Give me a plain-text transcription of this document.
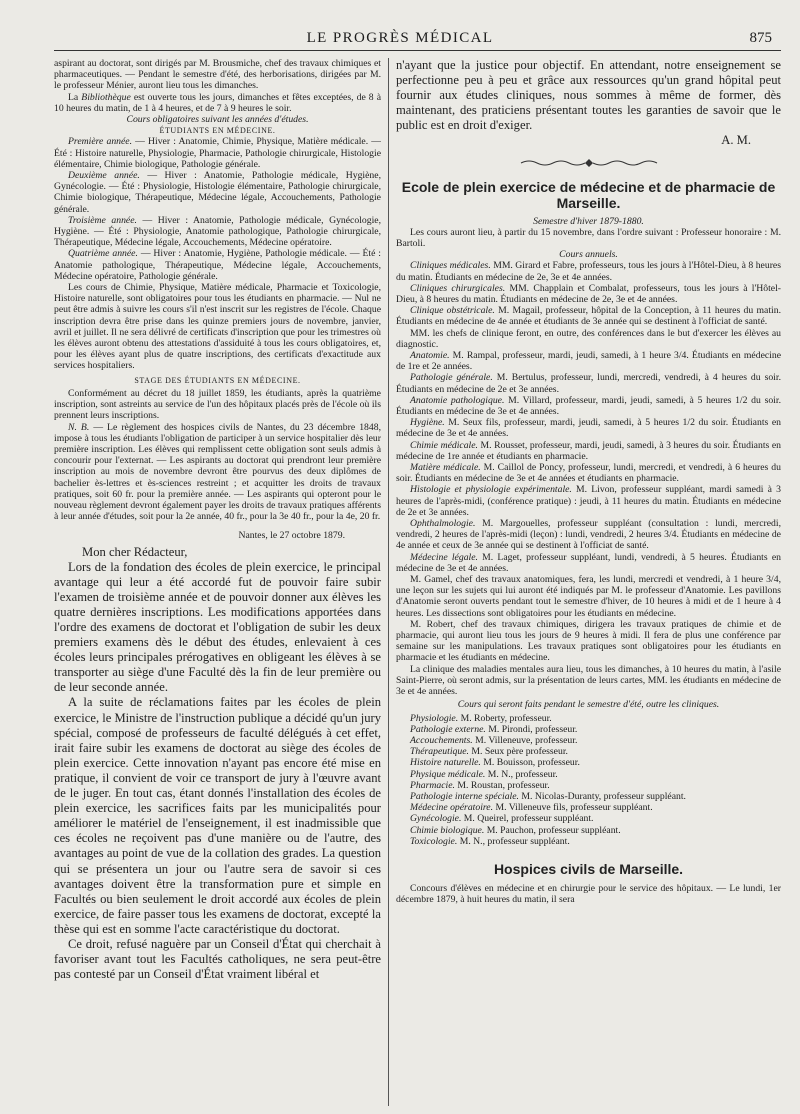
LE PROGRÈS MÉDICAL	875

aspirant au doctorat, sont dirigés par M. Brousmiche, chef des travaux chimiques et pharmaceutiques. — Pendant le semestre d'été, des herborisations, dirigées par M. le professeur Ménier, auront lieu tous les dimanches.

La Bibliothèque est ouverte tous les jours, dimanches et fêtes exceptées, de 8 à 10 heures du matin, de 1 à 4 heures, et de 7 à 9 heures le soir.

Cours obligatoires suivant les années d'études.

ÉTUDIANTS EN MÉDECINE.

Première année. — Hiver : Anatomie, Chimie, Physique, Matière médicale. — Été : Histoire naturelle, Physiologie, Pharmacie, Pathologie chirurgicale, Histologie élémentaire, Chimie biologique, Pathologie générale.

Deuxième année. — Hiver : Anatomie, Pathologie médicale, Hygiène, Gynécologie. — Été : Physiologie, Histologie élémentaire, Pathologie chirurgicale, Chimie biologique, Thérapeutique, Médecine légale, Accouchements, Pathologie générale.

Troisième année. — Hiver : Anatomie, Pathologie médicale, Gynécologie, Hygiène. — Été : Physiologie, Anatomie pathologique, Pathologie chirurgicale, Thérapeutique, Médecine légale, Accouchements, Médecine opératoire.

Quatrième année. — Hiver : Anatomie, Hygiène, Pathologie médicale. — Été : Anatomie pathologique, Thérapeutique, Médecine légale, Accouchements, Médecine opératoire, Pathologie générale.

Les cours de Chimie, Physique, Matière médicale, Pharmacie et Toxicologie, Histoire naturelle, sont obligatoires pour tous les étudiants en pharmacie. — Nul ne peut être admis à suivre les cours s'il n'est inscrit sur les registres de l'école. Chaque inscription devra être prise dans les quinze premiers jours de novembre, janvier, avril et juillet. Il ne sera délivré de certificats d'inscription que pour les trimestres où les élèves auront obtenu des attestations d'assiduité à tous les cours obligatoires, et, pour les élèves ayant plus de quatre inscriptions, des certificats d'exactitude aux services hospitaliers.

STAGE DES ÉTUDIANTS EN MÉDECINE.

Conformément au décret du 18 juillet 1859, les étudiants, après la quatrième inscription, sont astreints au service de l'un des hôpitaux placés près de l'école où ils prennent leurs inscriptions.

N. B. — Le règlement des hospices civils de Nantes, du 23 décembre 1848, impose à tous les étudiants l'obligation de participer à un service hospitalier dès leur première inscription. Les élèves qui remplissent cette obligation sont seuls admis à concourir pour l'externat. — Les aspirants au doctorat qui prendront leur première inscription au mois de novembre devront être pourvus des deux diplômes de bachelier ès-lettres et ès-sciences restreint ; et acquitter les droits de travaux pratiques, soit 60 fr. pour la première année. — Les aspirants qui opteront pour le nouveau règlement devront également payer les droits de travaux pratiques afférents à leur année d'études, soit pour la 2e année, 40 fr., pour la 3e 40 fr., pour la 4e, 20 fr.

Nantes, le 27 octobre 1879.

Mon cher Rédacteur,

Lors de la fondation des écoles de plein exercice, le principal avantage qui leur a été accordé fut de pouvoir faire subir l'examen de troisième année et de pouvoir donner aux élèves les quatre dernières inscriptions. Les modifications apportées dans l'ordre des examens de doctorat et l'obligation de subir les deux premiers examens dès le début des études, enlevaient à ces écoles leurs principales prérogatives en obligeant les élèves à se transporter au siège d'une Faculté dès la fin de leur première ou de leur seconde année.

A la suite de réclamations faites par les écoles de plein exercice, le Ministre de l'instruction publique a décidé qu'un jury spécial, composé de professeurs de faculté délégués à cet effet, irait faire subir les examens de doctorat au siège des écoles de plein exercice. Cette innovation n'ayant pas encore été mise en pratique, il convient de voir ce transport de jury à l'œuvre avant de le juger. En tout cas, étant donnés l'installation des écoles de plein exercice, les sacrifices faits par les municipalités pour améliorer le matériel de l'enseignement, il est inadmissible que ces écoles ne reçoivent pas d'une manière ou de l'autre, des avantages au point de vue de la collation des grades. La question qui se présentera un jour ou l'autre sera de savoir si ces avantages doivent être la transformation pure et simple en Facultés ou bien seulement le droit accordé aux écoles de plein exercice, de faire passer tous les examens de doctorat, excepté la thèse qui est en somme l'acte caractéristique du doctorat.

Ce droit, refusé naguère par un Conseil d'État qui cherchait à favoriser avant tout les Facultés catholiques, ne sera peut-être pas contesté par un Conseil d'État vraiment libéral et

n'ayant que la justice pour objectif. En attendant, notre enseignement se perfectionne peu à peu et grâce aux ressources qu'un grand hôpital peut fournir aux études cliniques, nous sommes à même de former, dès maintenant, des praticiens présentant toutes les garanties de savoir que le public est en droit d'exiger.

A. M.

Ecole de plein exercice de médecine et de pharmacie de Marseille.

Semestre d'hiver 1879-1880.

Les cours auront lieu, à partir du 15 novembre, dans l'ordre suivant : Professeur honoraire : M. Bartoli.

Cours annuels.

Cliniques médicales. MM. Girard et Fabre, professeurs, tous les jours à l'Hôtel-Dieu, à 8 heures du matin. Étudiants en médecine de 2e, 3e et 4e années.

Cliniques chirurgicales. MM. Chapplain et Combalat, professeurs, tous les jours à l'Hôtel-Dieu, à 8 heures du matin. Étudiants en médecine de 2e, 3e et 4e années.

Clinique obstétricale. M. Magail, professeur, hôpital de la Conception, à 11 heures du matin. Étudiants en médecine de 4e année et étudiants de 3e année qui se destinent à l'officiat de santé.

MM. les chefs de clinique feront, en outre, des conférences dans le but d'exercer les élèves au diagnostic.

Anatomie. M. Rampal, professeur, mardi, jeudi, samedi, à 1 heure 3/4. Étudiants en médecine de 1re et 2e années.

Pathologie générale. M. Bertulus, professeur, lundi, mercredi, vendredi, à 4 heures du soir. Étudiants en médecine de 2e et 3e années.

Anatomie pathologique. M. Villard, professeur, mardi, jeudi, samedi, à 5 heures 1/2 du soir. Étudiants en médecine de 3e et 4e années.

Hygiène. M. Seux fils, professeur, mardi, jeudi, samedi, à 5 heures 1/2 du soir. Étudiants en médecine de 3e et 4e années.

Chimie médicale. M. Rousset, professeur, mardi, jeudi, samedi, à 3 heures du soir. Étudiants en médecine de 1re année et étudiants en pharmacie.

Matière médicale. M. Caillol de Poncy, professeur, lundi, mercredi, et vendredi, à 6 heures du soir. Étudiants en médecine de 3e et 4e années et étudiants en pharmacie.

Histologie et physiologie expérimentale. M. Livon, professeur suppléant, mardi samedi à 3 heures de l'après-midi, (conférence pratique) : jeudi, à 11 heures du matin. Étudiants en médecine de 2e et 3e années.

Ophthalmologie. M. Margouelles, professeur suppléant (consultation : lundi, mercredi, vendredi, 2 heures de l'après-midi (leçon) : lundi, vendredi, 2 heures 3/4. Étudiants en médecine de 4e année et ceux de 3e année qui se destinent à l'officiat de santé.

Médecine légale. M. Laget, professeur suppléant, lundi, vendredi, à 5 heures. Étudiants en médecine de 3e et 4e années.

M. Gamel, chef des travaux anatomiques, fera, les lundi, mercredi et vendredi, à 1 heure 3/4, une leçon sur les sujets qui lui auront été indiqués par M. le professeur d'Anatomie. Les pavillons d'Anatomie seront ouverts pendant tout le semestre d'hiver, de 10 heures à midi et de 1 heure à 4 heures. Les dissections sont obligatoires pour les étudiants en médecine.

M. Robert, chef des travaux chimiques, dirigera les travaux pratiques de chimie et de pharmacie, qui auront lieu tous les jours de 9 heures à midi. Il fera de plus une conférence par semaine sur les manipulations. Les travaux pratiques sont obligatoires pour les étudiants en pharmacie et les étudiants en médecine.

La clinique des maladies mentales aura lieu, tous les dimanches, à 10 heures du matin, à l'asile Saint-Pierre, où seront admis, sur la présentation de leurs cartes, MM. les étudiants en médecine de 3e et 4e années.

Cours qui seront faits pendant le semestre d'été, outre les cliniques.

Physiologie. M. Roberty, professeur.

Pathologie externe. M. Pirondi, professeur.

Accouchements. M. Villeneuve, professeur.

Thérapeutique. M. Seux père professeur.

Histoire naturelle. M. Bouisson, professeur.

Physique médicale. M. N., professeur.

Pharmacie. M. Roustan, professeur.

Pathologie interne spéciale. M. Nicolas-Duranty, professeur suppléant.

Médecine opératoire. M. Villeneuve fils, professeur suppléant.

Gynécologie. M. Queirel, professeur suppléant.

Chimie biologique. M. Pauchon, professeur suppléant.

Toxicologie. M. N., professeur suppléant.

Hospices civils de Marseille.

Concours d'élèves en médecine et en chirurgie pour le service des hôpitaux. — Le lundi, 1er décembre 1879, à huit heures du matin, il sera
